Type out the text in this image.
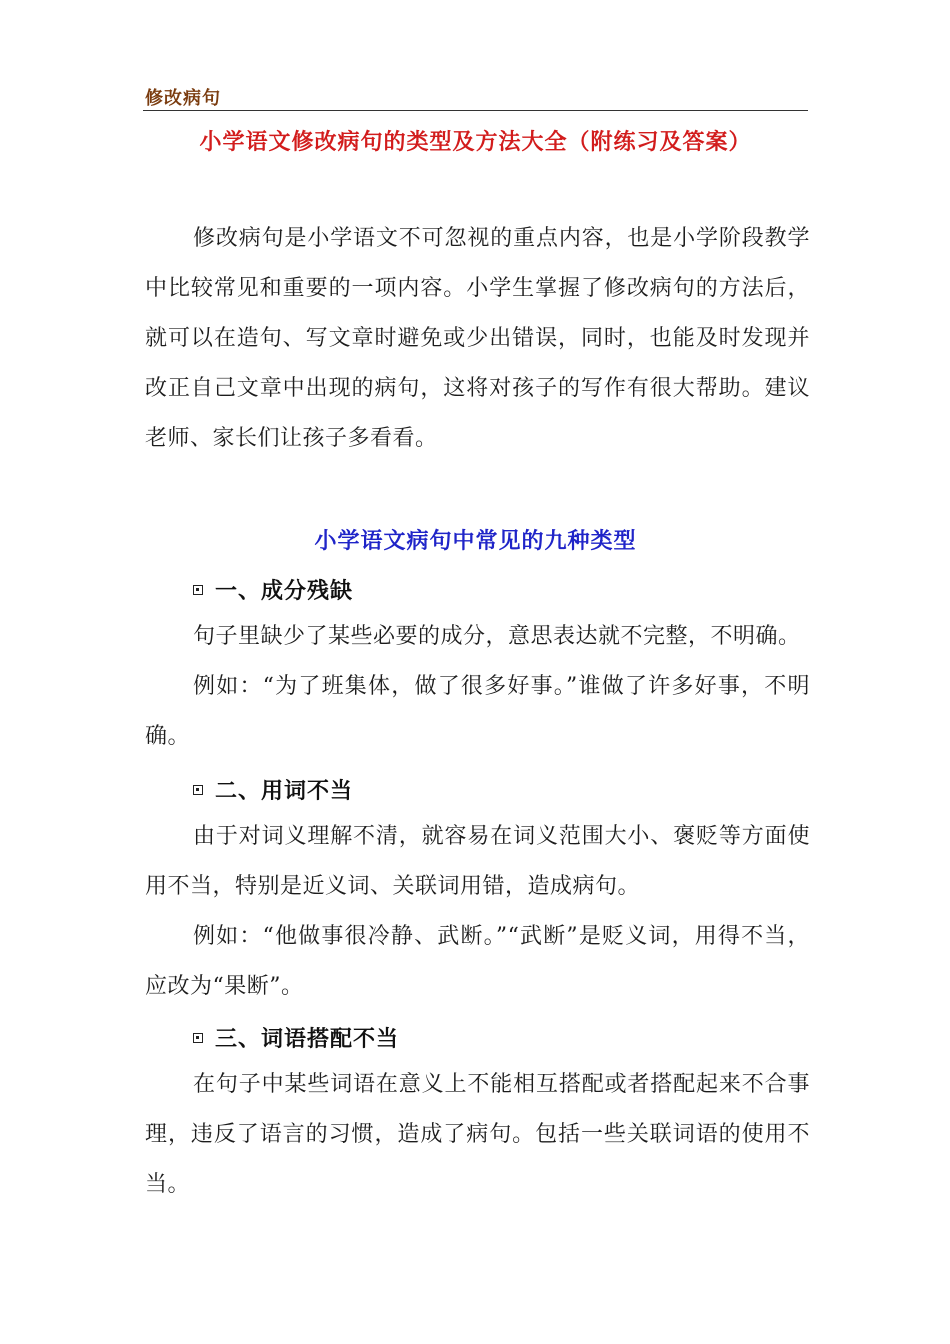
修改病句
小学语文修改病句的类型及方法大全（附练习及答案）
修改病句是小学语文不可忽视的重点内容，也是小学阶段教学中比较常见和重要的一项内容。小学生掌握了修改病句的方法后，就可以在造句、写文章时避免或少出错误，同时，也能及时发现并改正自己文章中出现的病句，这将对孩子的写作有很大帮助。建议老师、家长们让孩子多看看。
小学语文病句中常见的九种类型
一、成分残缺
句子里缺少了某些必要的成分，意思表达就不完整，不明确。
例如：“为了班集体，做了很多好事。”谁做了许多好事，不明确。
二、用词不当
由于对词义理解不清，就容易在词义范围大小、褒贬等方面使用不当，特别是近义词、关联词用错，造成病句。
例如：“他做事很冷静、武断。”“武断”是贬义词，用得不当，应改为“果断”。
三、词语搭配不当
在句子中某些词语在意义上不能相互搭配或者搭配起来不合事理，违反了语言的习惯，造成了病句。包括一些关联词语的使用不当。
